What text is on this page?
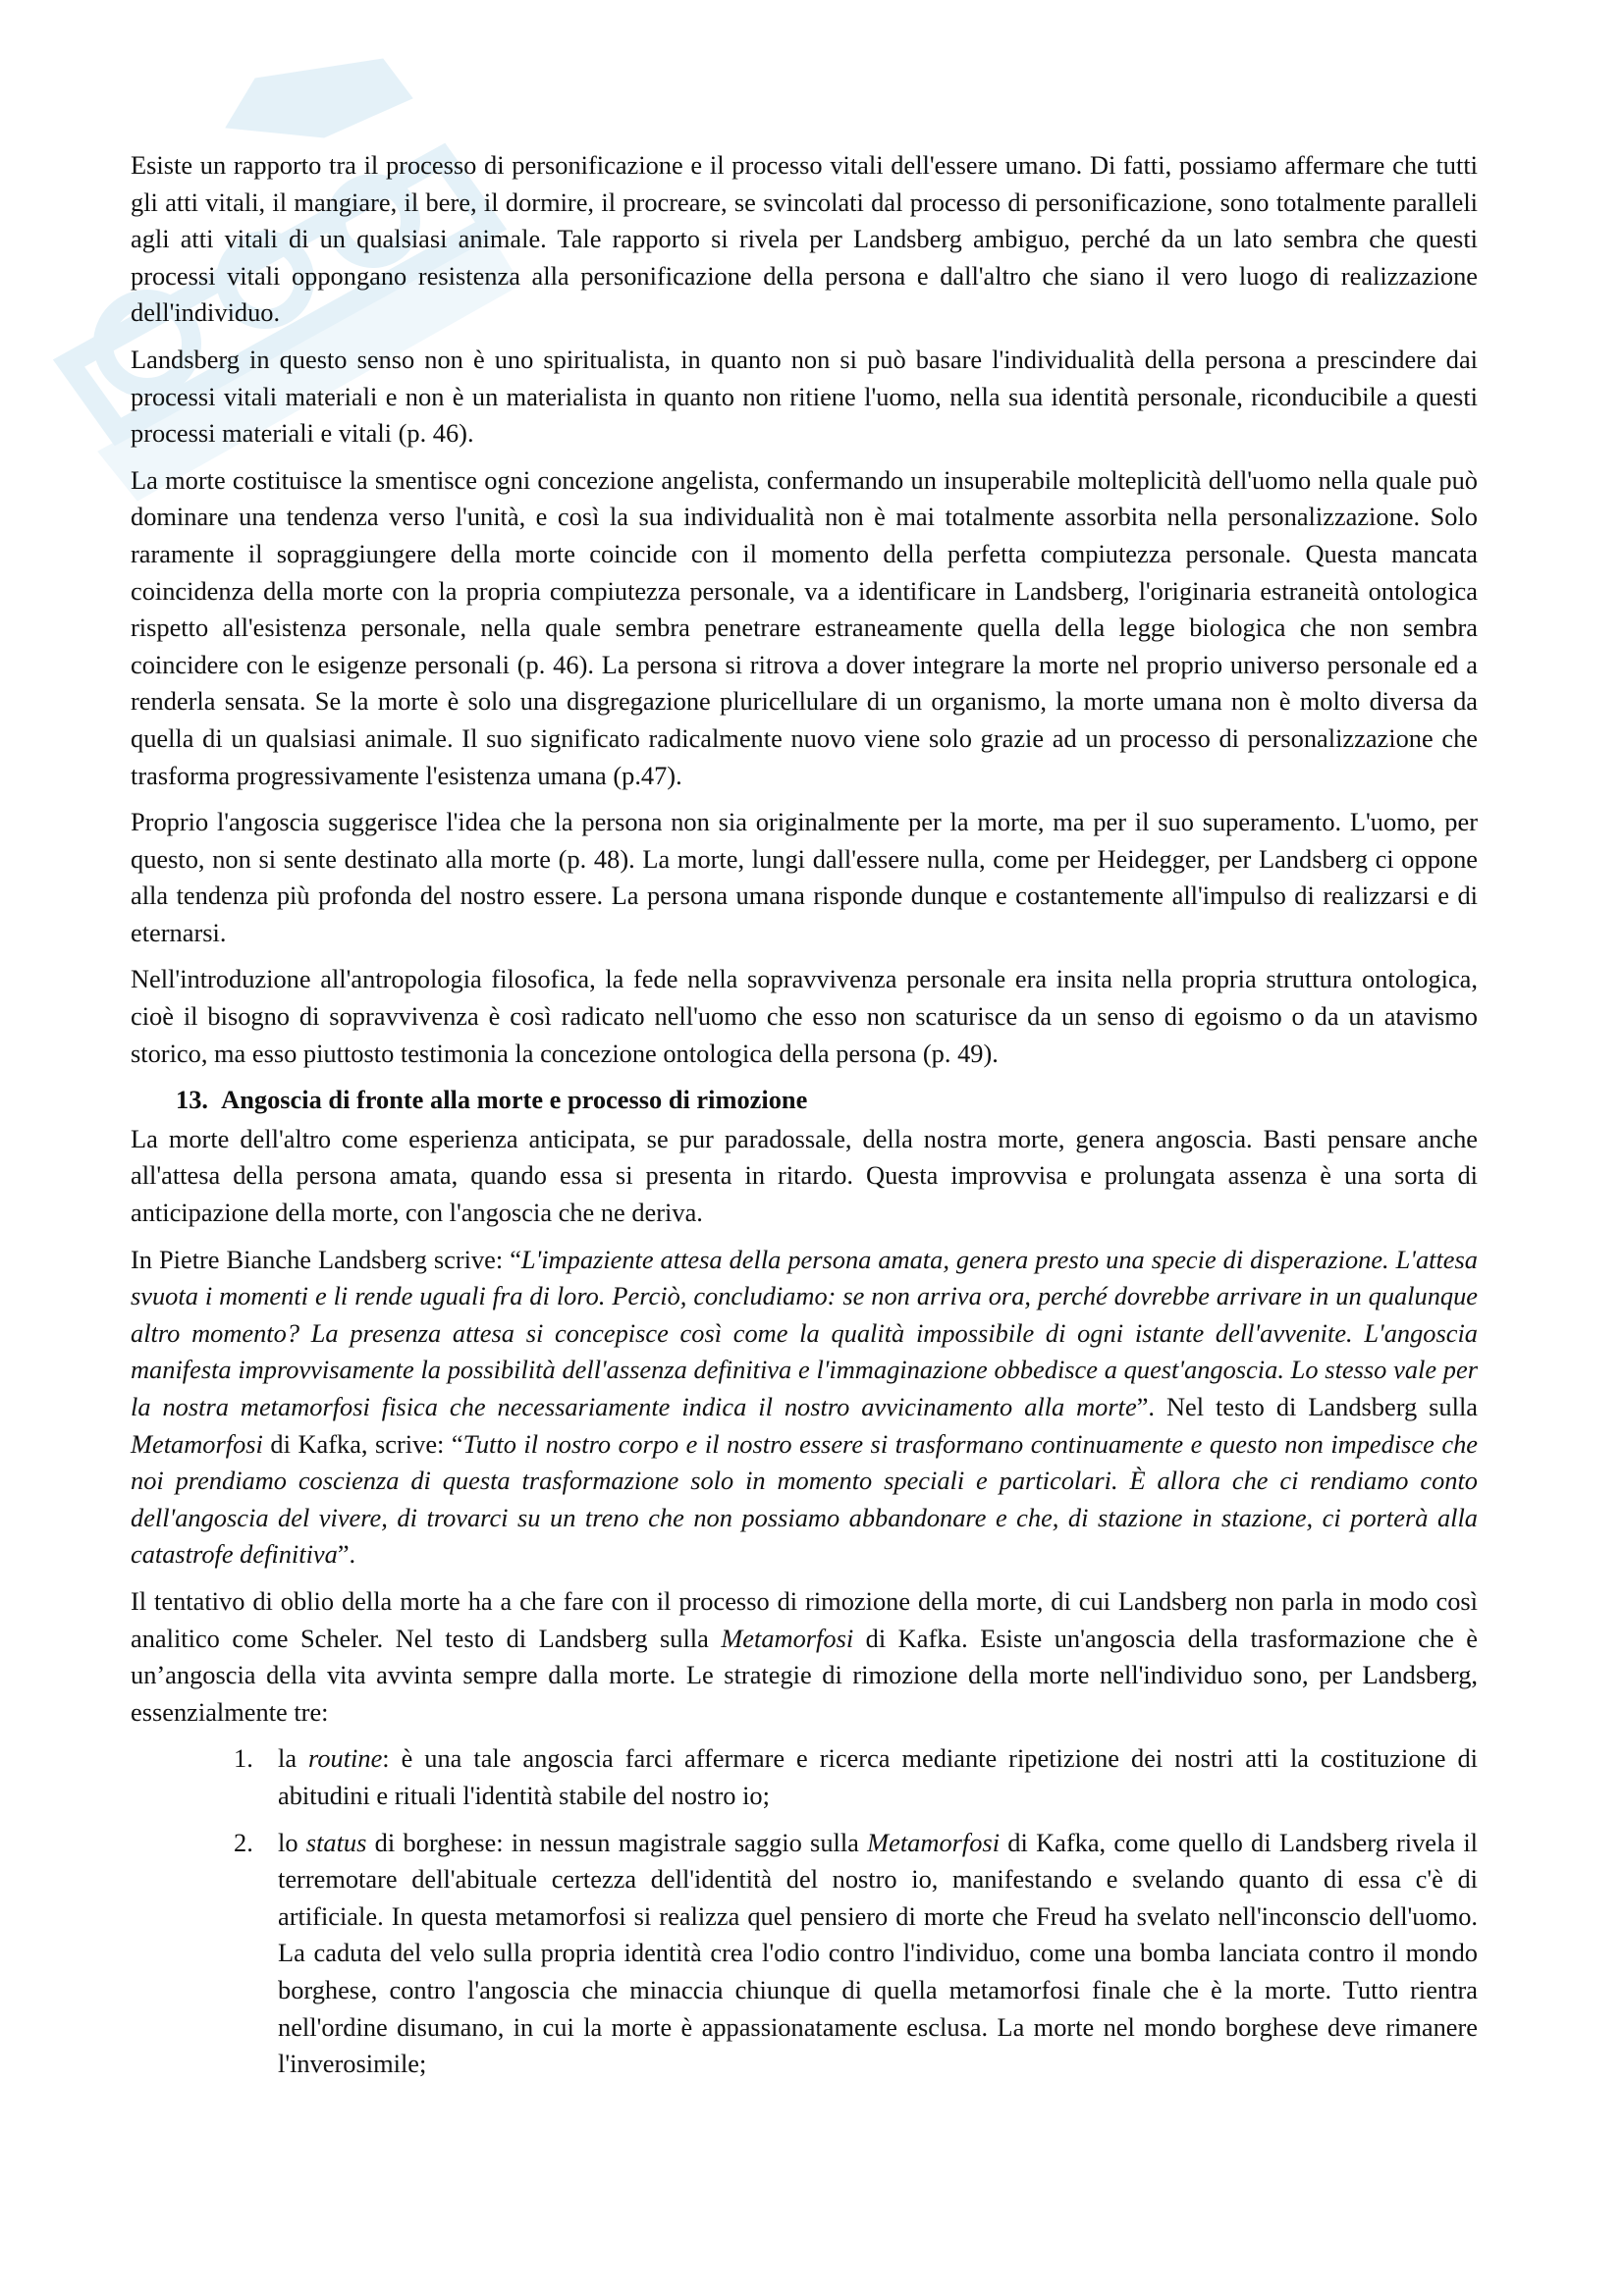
Esiste un rapporto tra il processo di personificazione e il processo vitali dell'essere umano. Di fatti, possiamo affermare che tutti gli atti vitali, il mangiare, il bere, il dormire, il procreare, se svincolati dal processo di personificazione, sono totalmente paralleli agli atti vitali di un qualsiasi animale. Tale rapporto si rivela per Landsberg ambiguo, perché da un lato sembra che questi processi vitali oppongano resistenza alla personificazione della persona e dall'altro che siano il vero luogo di realizzazione dell'individuo.

Landsberg in questo senso non è uno spiritualista, in quanto non si può basare l'individualità della persona a prescindere dai processi vitali materiali e non è un materialista in quanto non ritiene l'uomo, nella sua identità personale, riconducibile a questi processi materiali e vitali (p. 46).

La morte costituisce la smentisce ogni concezione angelista, confermando un insuperabile molteplicità dell'uomo nella quale può dominare una tendenza verso l'unità, e così la sua individualità non è mai totalmente assorbita nella personalizzazione. Solo raramente il sopraggiungere della morte coincide con il momento della perfetta compiutezza personale. Questa mancata coincidenza della morte con la propria compiutezza personale, va a identificare in Landsberg, l'originaria estraneità ontologica rispetto all'esistenza personale, nella quale sembra penetrare estraneamente quella della legge biologica che non sembra coincidere con le esigenze personali (p. 46). La persona si ritrova a dover integrare la morte nel proprio universo personale ed a renderla sensata. Se la morte è solo una disgregazione pluricellulare di un organismo, la morte umana non è molto diversa da quella di un qualsiasi animale. Il suo significato radicalmente nuovo viene solo grazie ad un processo di personalizzazione che trasforma progressivamente l'esistenza umana (p.47).

Proprio l'angoscia suggerisce l'idea che la persona non sia originalmente per la morte, ma per il suo superamento. L'uomo, per questo, non si sente destinato alla morte (p. 48). La morte, lungi dall'essere nulla, come per Heidegger, per Landsberg ci oppone alla tendenza più profonda del nostro essere. La persona umana risponde dunque e costantemente all'impulso di realizzarsi e di eternarsi.

Nell'introduzione all'antropologia filosofica, la fede nella sopravvivenza personale era insita nella propria struttura ontologica, cioè il bisogno di sopravvivenza è così radicato nell'uomo che esso non scaturisce da un senso di egoismo o da un atavismo storico, ma esso piuttosto testimonia la concezione ontologica della persona (p. 49).

13. Angoscia di fronte alla morte e processo di rimozione

La morte dell'altro come esperienza anticipata, se pur paradossale, della nostra morte, genera angoscia. Basti pensare anche all'attesa della persona amata, quando essa si presenta in ritardo. Questa improvvisa e prolungata assenza è una sorta di anticipazione della morte, con l'angoscia che ne deriva.

In Pietre Bianche Landsberg scrive: “L'impaziente attesa della persona amata, genera presto una specie di disperazione. L'attesa svuota i momenti e li rende uguali fra di loro. Perciò, concludiamo: se non arriva ora, perché dovrebbe arrivare in un qualunque altro momento? La presenza attesa si concepisce così come la qualità impossibile di ogni istante dell'avvenite. L'angoscia manifesta improvvisamente la possibilità dell'assenza definitiva e l'immaginazione obbedisce a quest'angoscia. Lo stesso vale per la nostra metamorfosi fisica che necessariamente indica il nostro avvicinamento alla morte”. Nel testo di Landsberg sulla Metamorfosi di Kafka, scrive: “Tutto il nostro corpo e il nostro essere si trasformano continuamente e questo non impedisce che noi prendiamo coscienza di questa trasformazione solo in momento speciali e particolari. È allora che ci rendiamo conto dell'angoscia del vivere, di trovarci su un treno che non possiamo abbandonare e che, di stazione in stazione, ci porterà alla catastrofe definitiva”.

Il tentativo di oblio della morte ha a che fare con il processo di rimozione della morte, di cui Landsberg non parla in modo così analitico come Scheler. Nel testo di Landsberg sulla Metamorfosi di Kafka. Esiste un'angoscia della trasformazione che è un’angoscia della vita avvinta sempre dalla morte. Le strategie di rimozione della morte nell'individuo sono, per Landsberg, essenzialmente tre:

1. la routine: è una tale angoscia farci affermare e ricerca mediante ripetizione dei nostri atti la costituzione di abitudini e rituali l'identità stabile del nostro io;
2. lo status di borghese: in nessun magistrale saggio sulla Metamorfosi di Kafka, come quello di Landsberg rivela il terremotare dell'abituale certezza dell'identità del nostro io, manifestando e svelando quanto di essa c'è di artificiale. In questa metamorfosi si realizza quel pensiero di morte che Freud ha svelato nell'inconscio dell'uomo. La caduta del velo sulla propria identità crea l'odio contro l'individuo, come una bomba lanciata contro il mondo borghese, contro l'angoscia che minaccia chiunque di quella metamorfosi finale che è la morte. Tutto rientra nell'ordine disumano, in cui la morte è appassionatamente esclusa. La morte nel mondo borghese deve rimanere l'inverosimile;
